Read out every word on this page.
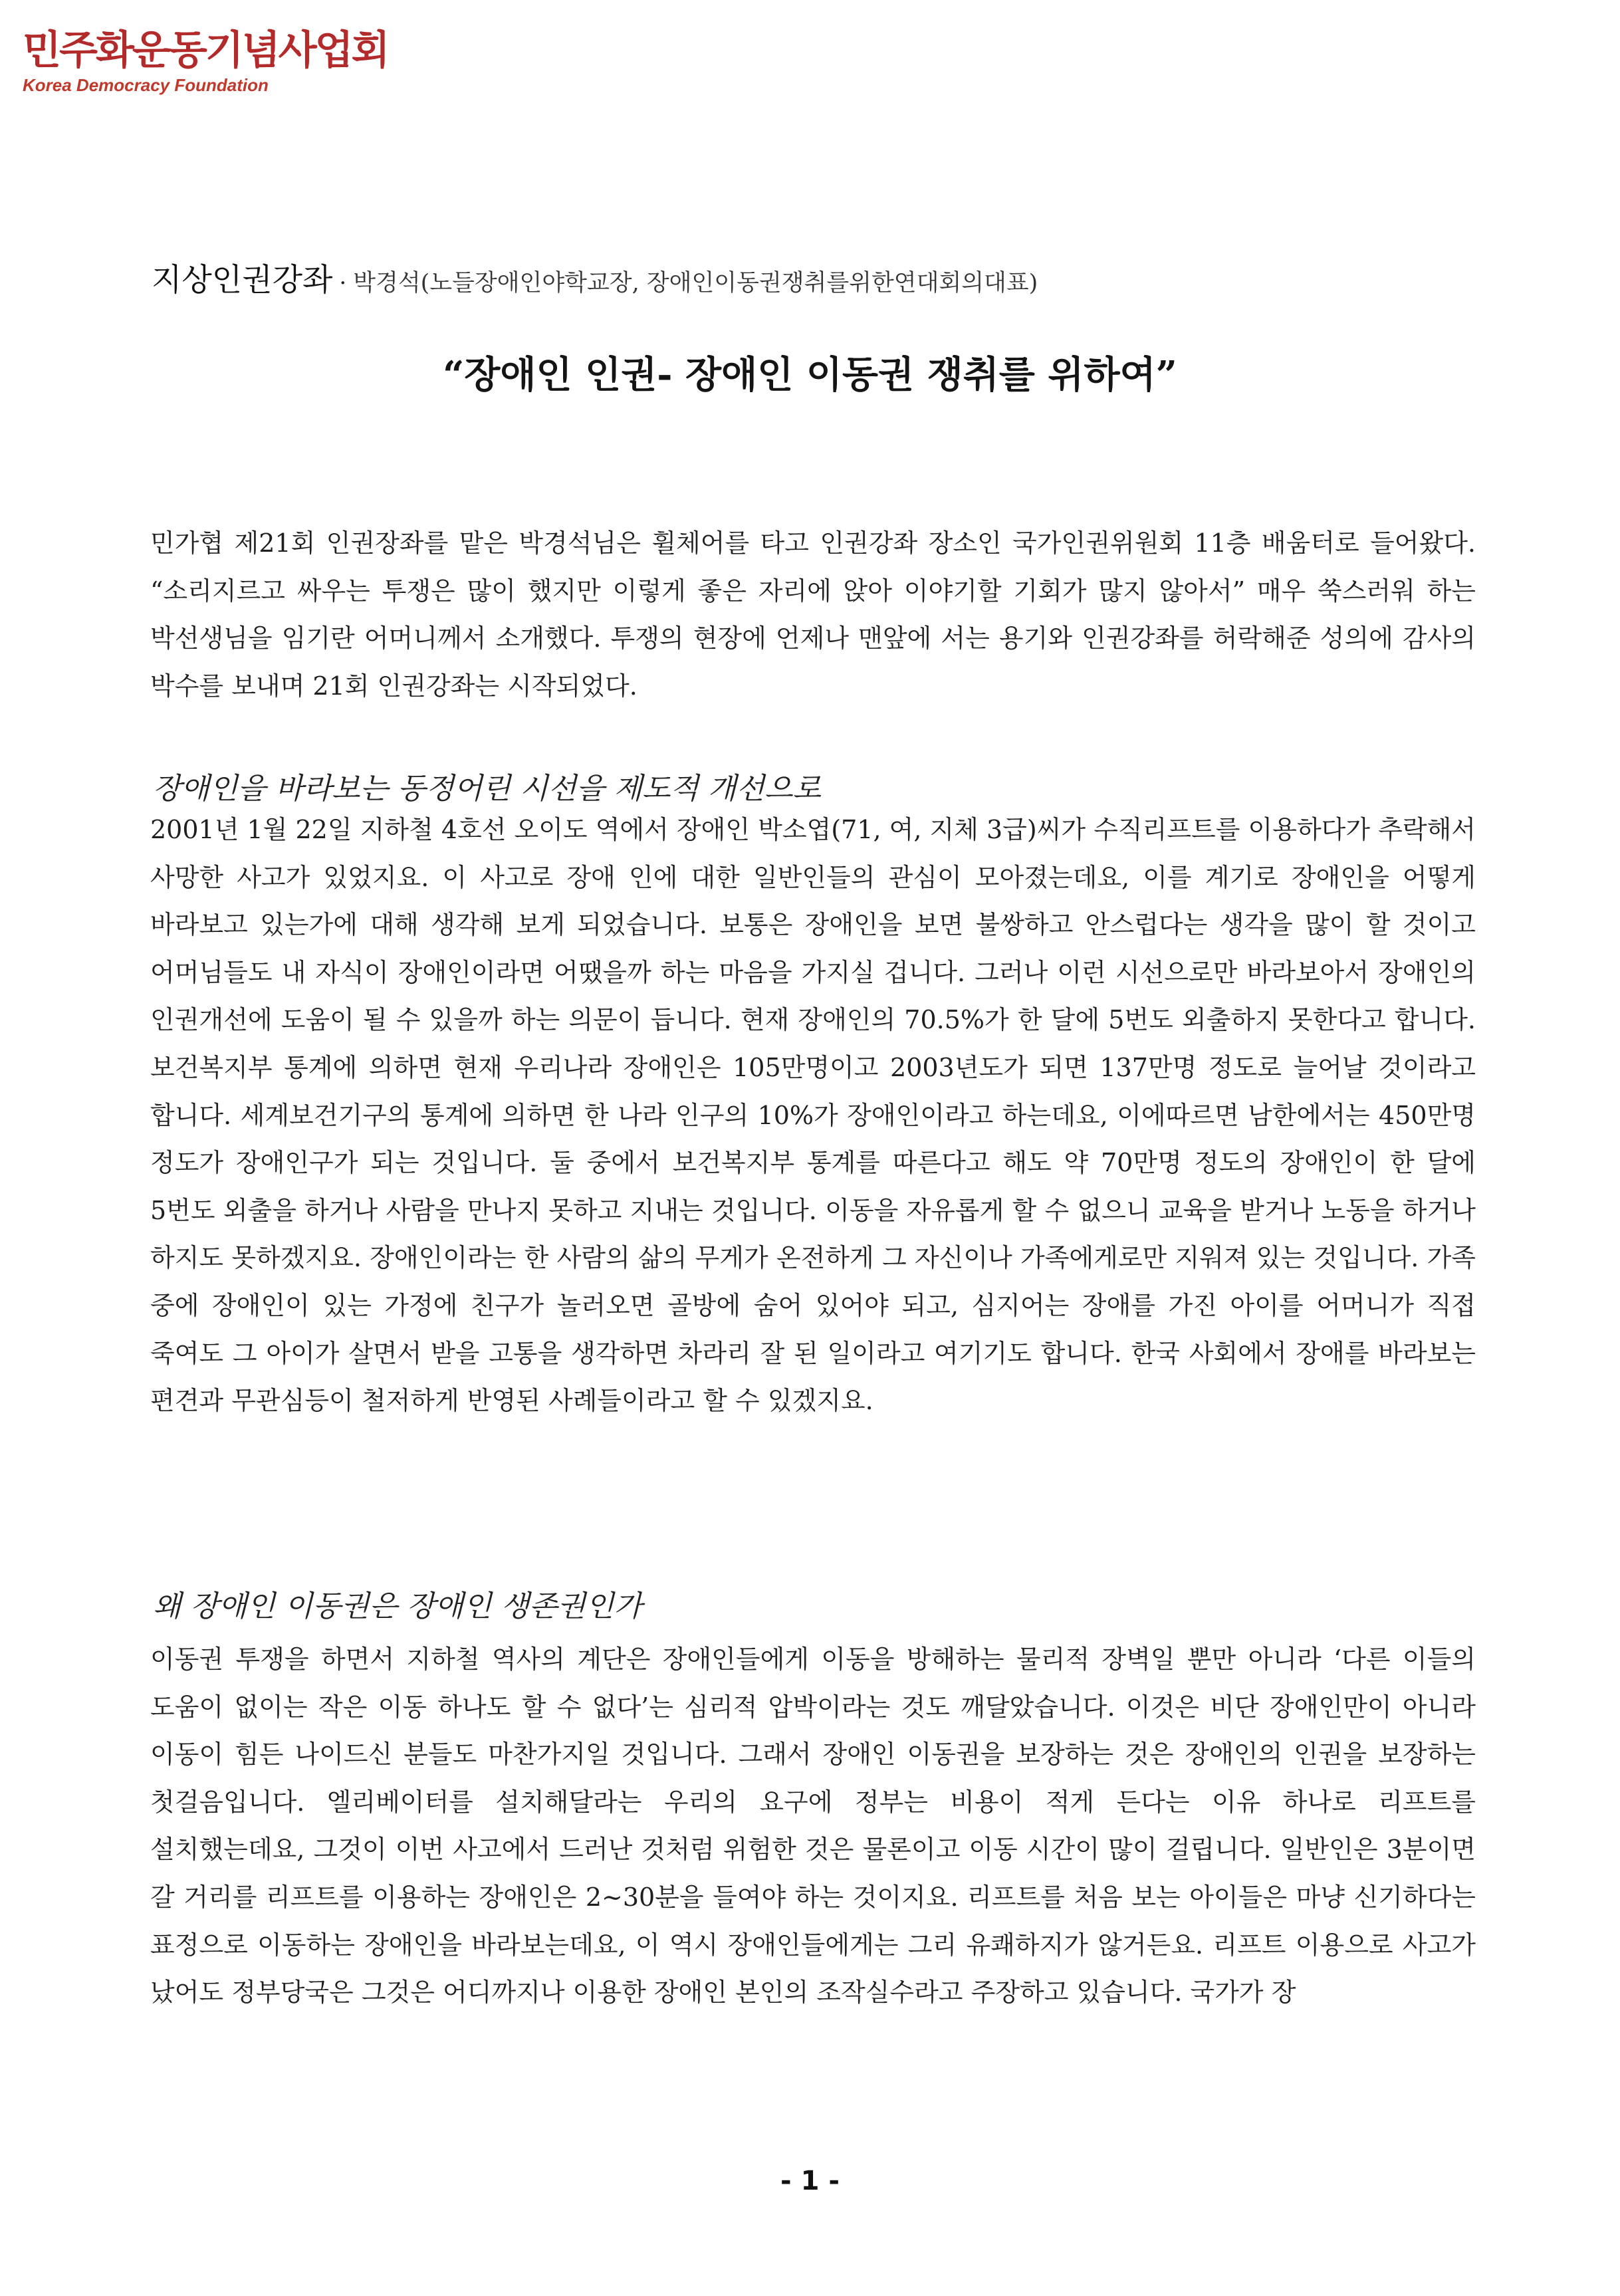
민주화운동기념사업회
Korea Democracy Foundation
지상인권강좌 · 박경석(노들장애인야학교장, 장애인이동권쟁취를위한연대회의대표)
“장애인 인권- 장애인 이동권 쟁취를 위하여”

민가협 제21회 인권장좌를 맡은 박경석님은 휠체어를 타고 인권강좌 장소인 국가인권위원회 11층 배움터로 들어왔다. “소리지르고 싸우는 투쟁은 많이 했지만 이렇게 좋은 자리에 앉아 이야기할 기회가 많지 않아서” 매우 쑥스러워 하는 박선생님을 임기란 어머니께서 소개했다. 투쟁의 현장에 언제나 맨앞에 서는 용기와 인권강좌를 허락해준 성의에 감사의 박수를 보내며 21회 인권강좌는 시작되었다.

장애인을 바라보는 동정어린 시선을 제도적 개선으로

2001년 1월 22일 지하철 4호선 오이도 역에서 장애인 박소엽(71, 여, 지체 3급)씨가 수직리프트를 이용하다가 추락해서 사망한 사고가 있었지요. 이 사고로 장애 인에 대한 일반인들의 관심이 모아졌는데요, 이를 계기로 장애인을 어떻게 바라보고 있는가에 대해 생각해 보게 되었습니다. 보통은 장애인을 보면 불쌍하고 안스럽다는 생각을 많이 할 것이고 어머님들도 내 자식이 장애인이라면 어땠을까 하는 마음을 가지실 겁니다. 그러나 이런 시선으로만 바라보아서 장애인의 인권개선에 도움이 될 수 있을까 하는 의문이 듭니다. 현재 장애인의 70.5%가 한 달에 5번도 외출하지 못한다고 합니다. 보건복지부 통계에 의하면 현재 우리나라 장애인은 105만명이고 2003년도가 되면 137만명 정도로 늘어날 것이라고 합니다. 세계보건기구의 통계에 의하면 한 나라 인구의 10%가 장애인이라고 하는데요, 이에따르면 남한에서는 450만명 정도가 장애인구가 되는 것입니다. 둘 중에서 보건복지부 통계를 따른다고 해도 약 70만명 정도의 장애인이 한 달에 5번도 외출을 하거나 사람을 만나지 못하고 지내는 것입니다. 이동을 자유롭게 할 수 없으니 교육을 받거나 노동을 하거나 하지도 못하겠지요. 장애인이라는 한 사람의 삶의 무게가 온전하게 그 자신이나 가족에게로만 지워져 있는 것입니다. 가족 중에 장애인이 있는 가정에 친구가 놀러오면 골방에 숨어 있어야 되고, 심지어는 장애를 가진 아이를 어머니가 직접 죽여도 그 아이가 살면서 받을 고통을 생각하면 차라리 잘 된 일이라고 여기기도 합니다. 한국 사회에서 장애를 바라보는 편견과 무관심등이 철저하게 반영된 사례들이라고 할 수 있겠지요.

왜 장애인 이동권은 장애인 생존권인가

이동권 투쟁을 하면서 지하철 역사의 계단은 장애인들에게 이동을 방해하는 물리적 장벽일 뿐만 아니라 ‘다른 이들의 도움이 없이는 작은 이동 하나도 할 수 없다’는 심리적 압박이라는 것도 깨달았습니다. 이것은 비단 장애인만이 아니라 이동이 힘든 나이드신 분들도 마찬가지일 것입니다. 그래서 장애인 이동권을 보장하는 것은 장애인의 인권을 보장하는 첫걸음입니다. 엘리베이터를 설치해달라는 우리의 요구에 정부는 비용이 적게 든다는 이유 하나로 리프트를 설치했는데요, 그것이 이번 사고에서 드러난 것처럼 위험한 것은 물론이고 이동 시간이 많이 걸립니다. 일반인은 3분이면 갈 거리를 리프트를 이용하는 장애인은 2~30분을 들여야 하는 것이지요. 리프트를 처음 보는 아이들은 마냥 신기하다는 표정으로 이동하는 장애인을 바라보는데요, 이 역시 장애인들에게는 그리 유쾌하지가 않거든요. 리프트 이용으로 사고가 났어도 정부당국은 그것은 어디까지나 이용한 장애인 본인의 조작실수라고 주장하고 있습니다. 국가가 장

- 1 -
